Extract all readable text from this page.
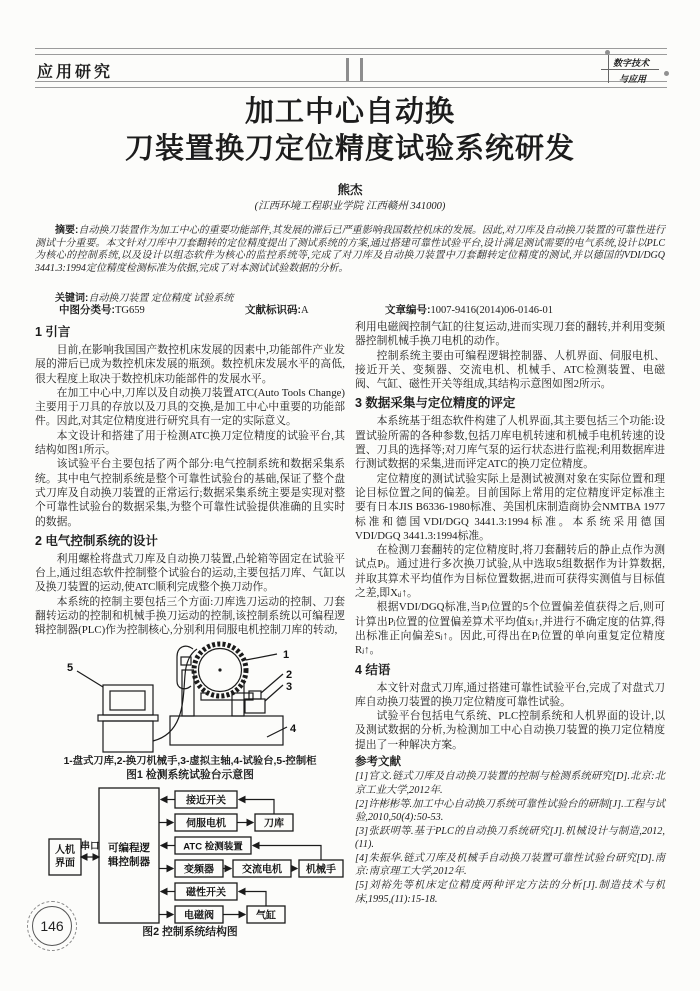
应用研究
数字技术
与应用
加工中心自动换
刀装置换刀定位精度试验系统研发
熊杰
(江西环境工程职业学院 江西赣州 341000)
摘要:自动换刀装置作为加工中心的重要功能部件,其发展的滞后已严重影响我国数控机床的发展。因此,对刀库及自动换刀装置的可靠性进行测试十分重要。本文针对刀库中刀套翻转的定位精度提出了测试系统的方案,通过搭建可靠性试验平台,设计满足测试需要的电气系统,设计以PLC为核心的控制系统,以及设计以组态软件为核心的监控系统等,完成了对刀库及自动换刀装置中刀套翻转定位精度的测试,并以德国的VDI/DGQ 3441.3:1994定位精度检测标准为依据,完成了对本测试试验数据的分析。
关键词:自动换刀装置 定位精度 试验系统
中图分类号:TG659	文献标识码:A	文章编号:1007-9416(2014)06-0146-01
1 引言

目前,在影响我国国产数控机床发展的因素中,功能部件产业发展的滞后已成为数控机床发展的瓶颈。数控机床发展水平的高低,很大程度上取决于数控机床功能部件的发展水平。

在加工中心中,刀库以及自动换刀装置ATC(Auto Tools Change)主要用于刀具的存放以及刀具的交换,是加工中心中重要的功能部件。因此,对其定位精度进行研究具有一定的实际意义。

本文设计和搭建了用于检测ATC换刀定位精度的试验平台,其结构如图1所示。

该试验平台主要包括了两个部分:电气控制系统和数据采集系统。其中电气控制系统是整个可靠性试验台的基础,保证了整个盘式刀库及自动换刀装置的正常运行;数据采集系统主要是实现对整个可靠性试验台的数据采集,为整个可靠性试验提供准确的且实时的数据。

2 电气控制系统的设计

利用螺栓将盘式刀库及自动换刀装置,凸轮箱等固定在试验平台上,通过组态软件控制整个试验台的运动,主要包括刀库、气缸以及换刀装置的运动,使ATC顺利完成整个换刀动作。

本系统的控制主要包括三个方面:刀库选刀运动的控制、刀套翻转运动的控制和机械手换刀运动的控制,该控制系统以可编程逻辑控制器(PLC)作为控制核心,分别利用伺服电机控制刀库的转动,

1
2
3
4
5
1-盘式刀库,2-换刀机械手,3-虚拟主轴,4-试验台,5-控制柜
图1 检测系统试验台示意图
人机
界面
串口 可编程逻
辑控制器
接近开关
伺服电机	刀库
ATC 检测装置
变频器	交流电机 机械手
磁性开关
电磁阀	气缸
图2 控制系统结构图

利用电磁阀控制气缸的往复运动,进而实现刀套的翻转,并利用变频器控制机械手换刀电机的动作。

控制系统主要由可编程逻辑控制器、人机界面、伺服电机、接近开关、变频器、交流电机、机械手、ATC检测装置、电磁阀、气缸、磁性开关等组成,其结构示意图如图2所示。

3 数据采集与定位精度的评定

本系统基于组态软件构建了人机界面,其主要包括三个功能:设置试验所需的各种参数,包括刀库电机转速和机械手电机转速的设置、刀具的选择等;对刀库气泵的运行状态进行监视;利用数据库进行测试数据的采集,进而评定ATC的换刀定位精度。

定位精度的测试试验实际上是测试被测对象在实际位置和理论目标位置之间的偏差。目前国际上常用的定位精度评定标准主要有日本JIS B6336-1980标准、美国机床制造商协会NMTBA 1977标准和德国VDI/DGQ 3441.3:1994标准。本系统采用德国VDI/DGQ 3441.3:1994标准。

在检测刀套翻转的定位精度时,将刀套翻转后的静止点作为测试点Pⱼ。通过进行多次换刀试验,从中选取5组数据作为计算数据,并取其算术平均值作为目标位置数据,进而可获得实测值与目标值之差,即Xᵢⱼ↑。

根据VDI/DGQ标准,当Pⱼ位置的5个位置偏差值获得之后,则可计算出Pⱼ位置的位置偏差算术平均值x̄ⱼ↑,并进行不确定度的估算,得出标准正向偏差Sⱼ↑。因此,可得出在Pⱼ位置的单向重复定位精度Rⱼ↑。

4 结语

本文针对盘式刀库,通过搭建可靠性试验平台,完成了对盘式刀库自动换刀装置的换刀定位精度可靠性试验。

试验平台包括电气系统、PLC控制系统和人机界面的设计,以及测试数据的分析,为检测加工中心自动换刀装置的换刀定位精度提出了一种解决方案。

参考文献

[1]官文.链式刀库及自动换刀装置的控制与检测系统研究[D].北京:北京工业大学,2012年.

[2]许彬彬等.加工中心自动换刀系统可靠性试验台的研制[J].工程与试验,2010,50(4):50-53.

[3]张跃明等.基于PLC的自动换刀系统研究[J].机械设计与制造,2012,(11).

[4]朱振华.链式刀库及机械手自动换刀装置可靠性试验台研究[D].南京:南京理工大学,2012年.

[5]刘裕先等机床定位精度两种评定方法的分析[J].制造技术与机床,1995,(11):15-18.

146
